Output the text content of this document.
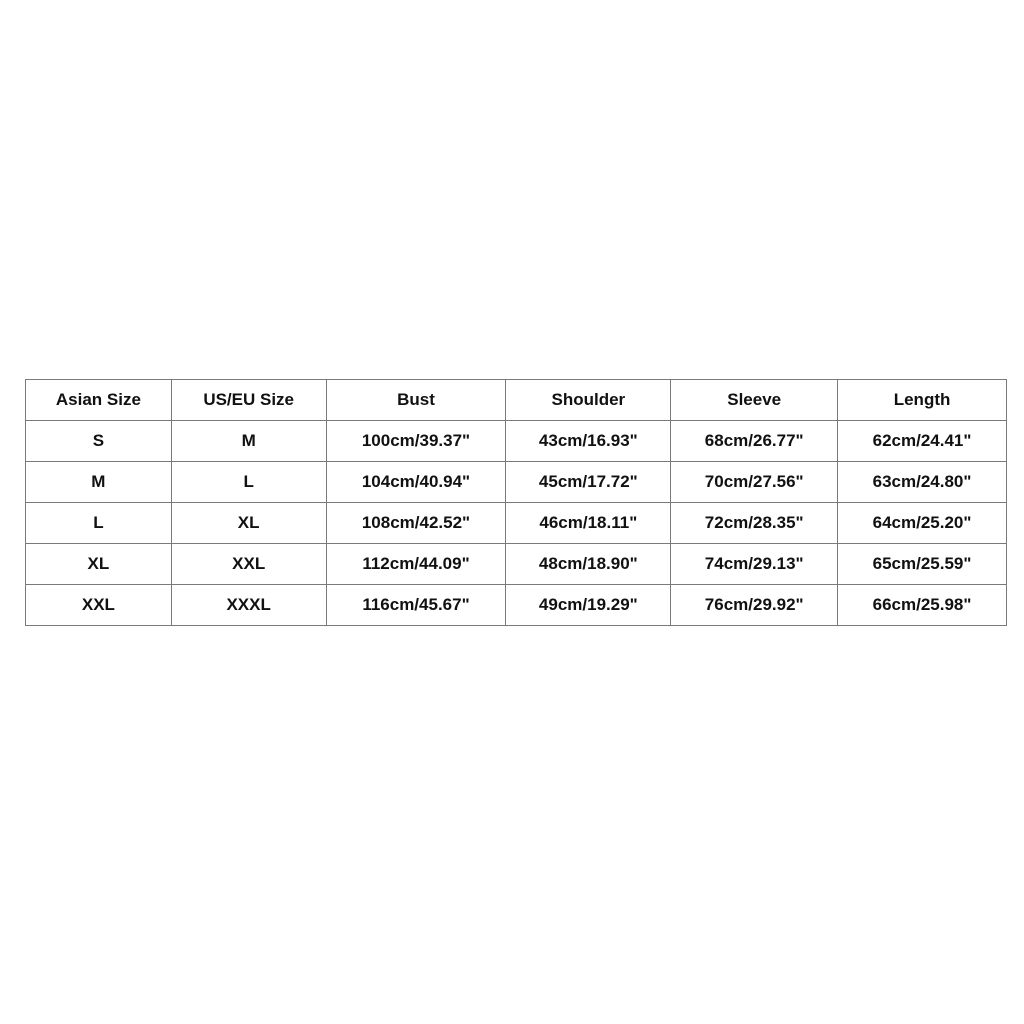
Asian Size	US/EU Size	Bust	Shoulder	Sleeve	Length
S	M	100cm/39.37"	43cm/16.93"	68cm/26.77"	62cm/24.41"
M	L	104cm/40.94"	45cm/17.72"	70cm/27.56"	63cm/24.80"
L	XL	108cm/42.52"	46cm/18.11"	72cm/28.35"	64cm/25.20"
XL	XXL	112cm/44.09"	48cm/18.90"	74cm/29.13"	65cm/25.59"
XXL	XXXL	116cm/45.67"	49cm/19.29"	76cm/29.92"	66cm/25.98"
